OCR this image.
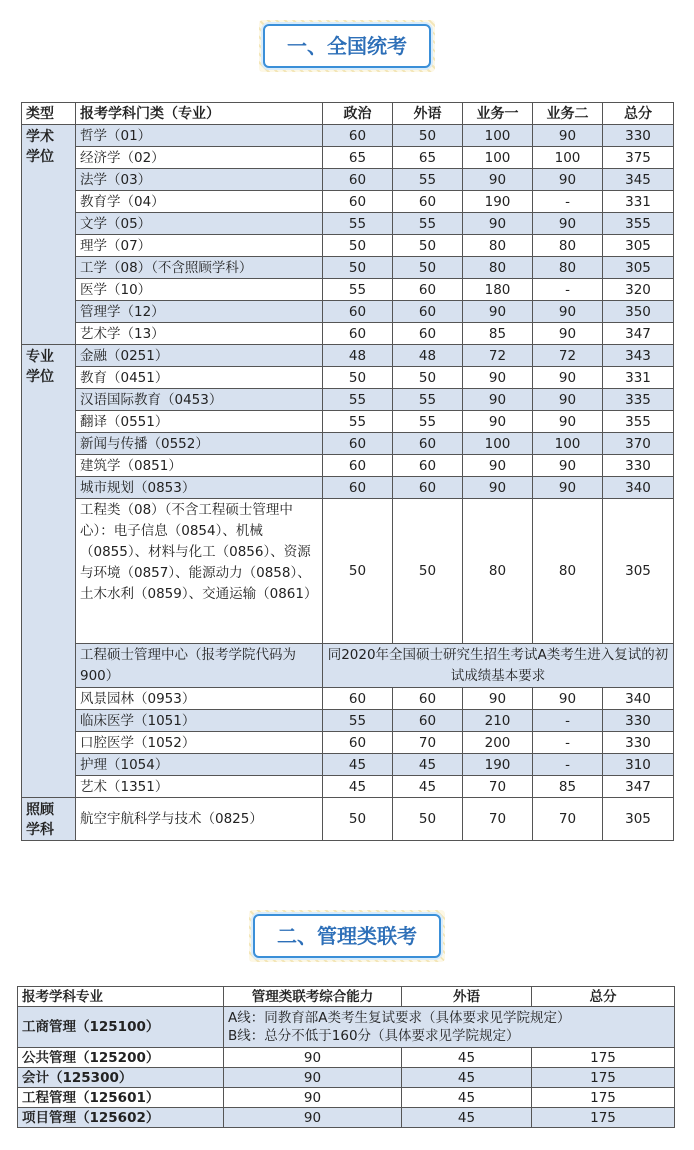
一、全国统考
类型	报考学科门类（专业）	政治	外语	业务一	业务二	总分
学术
学位	哲学（01）	60	50	100	90	330
	经济学（02）	65	65	100	100	375
	法学（03）	60	55	90	90	345
	教育学（04）	60	60	190	-	331
	文学（05）	55	55	90	90	355
	理学（07）	50	50	80	80	305
	工学（08）（不含照顾学科）	50	50	80	80	305
	医学（10）	55	60	180	-	320
	管理学（12）	60	60	90	90	350
	艺术学（13）	60	60	85	90	347
专业
学位	金融（0251）	48	48	72	72	343
	教育（0451）	50	50	90	90	331
	汉语国际教育（0453）	55	55	90	90	335
	翻译（0551）	55	55	90	90	355
	新闻与传播（0552）	60	60	100	100	370
	建筑学（0851）	60	60	90	90	330
	城市规划（0853）	60	60	90	90	340
	工程类（08）（不含工程硕士管理中心）：电子信息（0854）、机械（0855）、材料与化工（0856）、资源与环境（0857）、能源动力（0858）、土木水利（0859）、交通运输（0861）	50	50	80	80	305
	工程硕士管理中心（报考学院代码为900）	同2020年全国硕士研究生招生考试A类考生进入复试的初试成绩基本要求				
	风景园林（0953）	60	60	90	90	340
	临床医学（1051）	55	60	210	-	330
	口腔医学（1052）	60	70	200	-	330
	护理（1054）	45	45	190	-	310
	艺术（1351）	45	45	70	85	347
照顾
学科	航空宇航科学与技术（0825）	50	50	70	70	305
二、管理类联考
报考学科专业	管理类联考综合能力	外语	总分
工商管理（125100）	A线：同教育部A类考生复试要求（具体要求见学院规定）
B线：总分不低于160分（具体要求见学院规定）		

公共管理（125200）	90	45	175
会计（125300）	90	45	175
工程管理（125601）	90	45	175
项目管理（125602）	90	45	175
